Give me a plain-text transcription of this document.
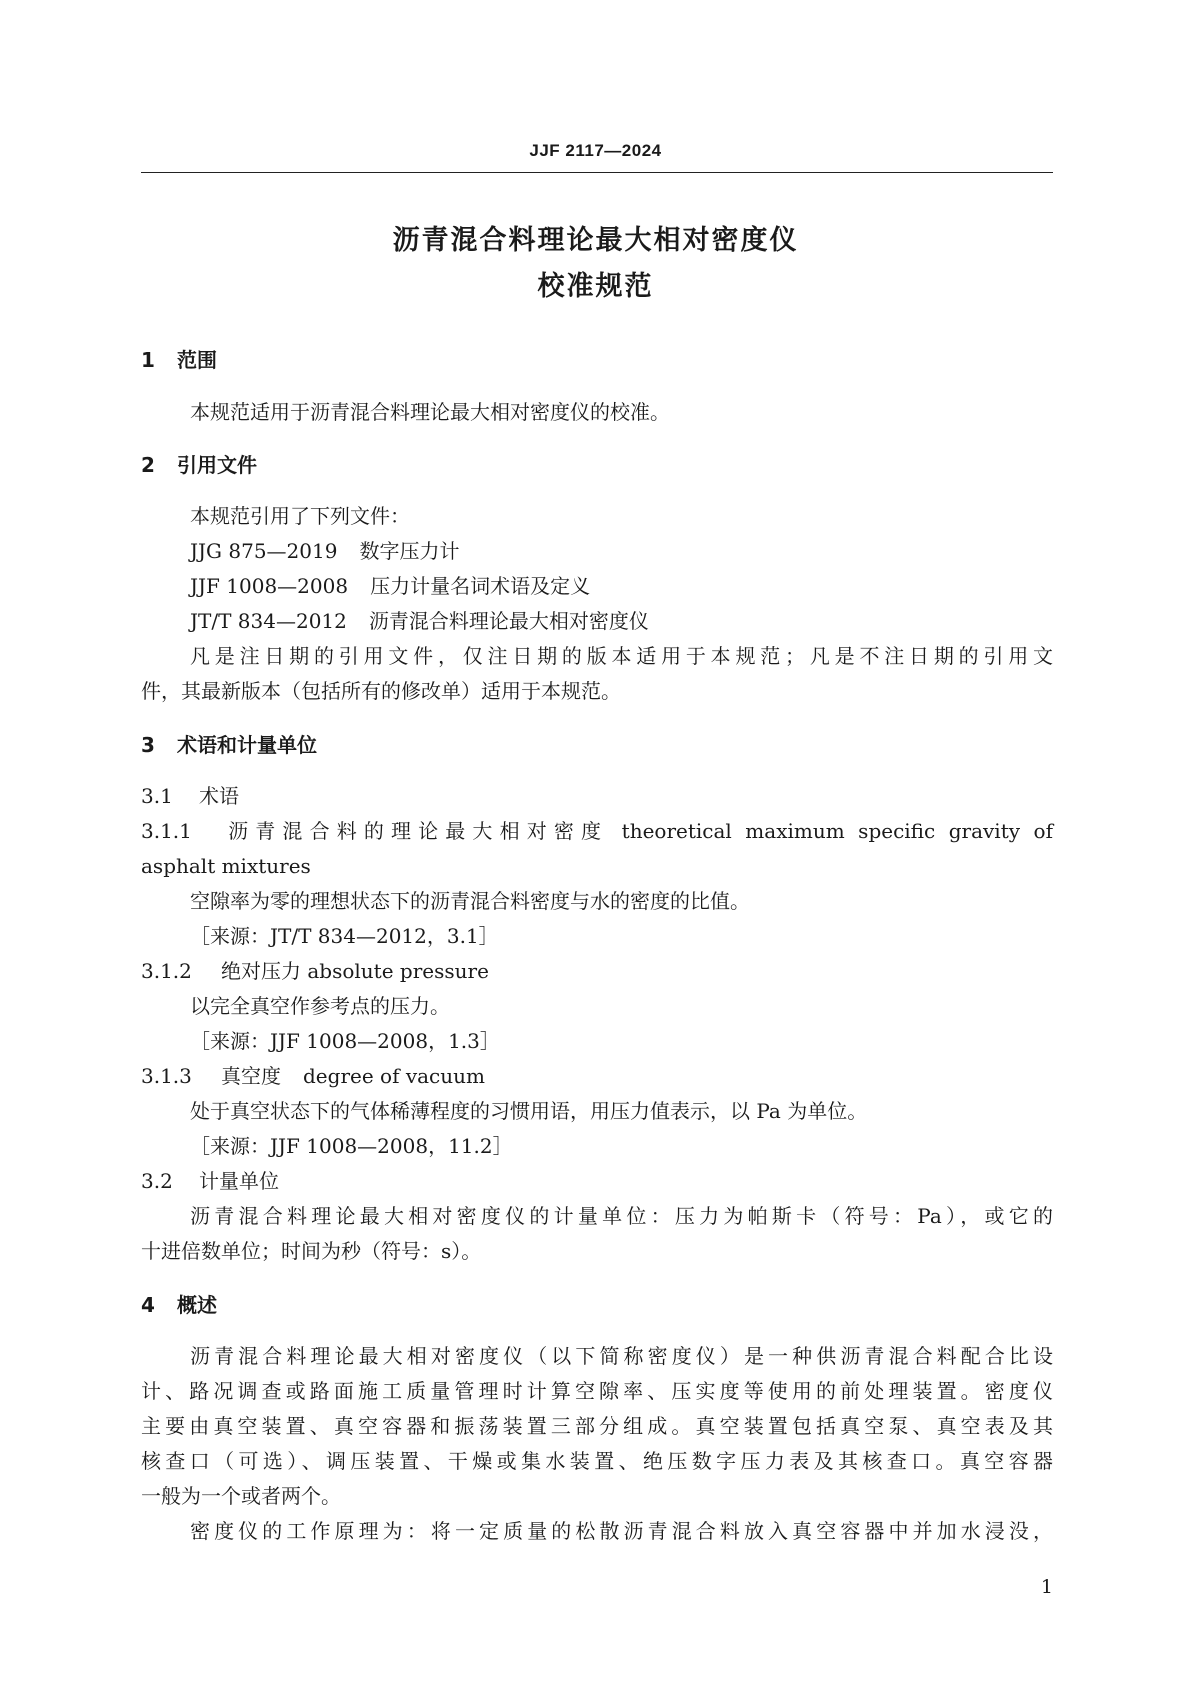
JJF 2117—2024
沥青混合料理论最大相对密度仪
校准规范
1 范围
本规范适用于沥青混合料理论最大相对密度仪的校准。
2 引用文件
本规范引用了下列文件：
JJG 875—2019 数字压力计
JJF 1008—2008 压力计量名词术语及定义
JT/T 834—2012 沥青混合料理论最大相对密度仪
凡是注日期的引用文件，仅注日期的版本适用于本规范；凡是不注日期的引用文
件，其最新版本（包括所有的修改单）适用于本规范。
3 术语和计量单位
3.1 术语
3.1.1 沥青混合料的理论最大相对密度 theoretical maximum specific gravity of
asphalt mixtures
空隙率为零的理想状态下的沥青混合料密度与水的密度的比值。
［来源：JT/T 834—2012，3.1］
3.1.2 绝对压力 absolute pressure
以完全真空作参考点的压力。
［来源：JJF 1008—2008，1.3］
3.1.3 真空度 degree of vacuum
处于真空状态下的气体稀薄程度的习惯用语，用压力值表示，以 Pa 为单位。
［来源：JJF 1008—2008，11.2］
3.2 计量单位
沥青混合料理论最大相对密度仪的计量单位：压力为帕斯卡（符号：Pa），或它的
十进倍数单位；时间为秒（符号：s）。
4 概述
沥青混合料理论最大相对密度仪（以下简称密度仪）是一种供沥青混合料配合比设
计、路况调查或路面施工质量管理时计算空隙率、压实度等使用的前处理装置。密度仪
主要由真空装置、真空容器和振荡装置三部分组成。真空装置包括真空泵、真空表及其
核查口（可选）、调压装置、干燥或集水装置、绝压数字压力表及其核查口。真空容器
一般为一个或者两个。
密度仪的工作原理为：将一定质量的松散沥青混合料放入真空容器中并加水浸没，
1
